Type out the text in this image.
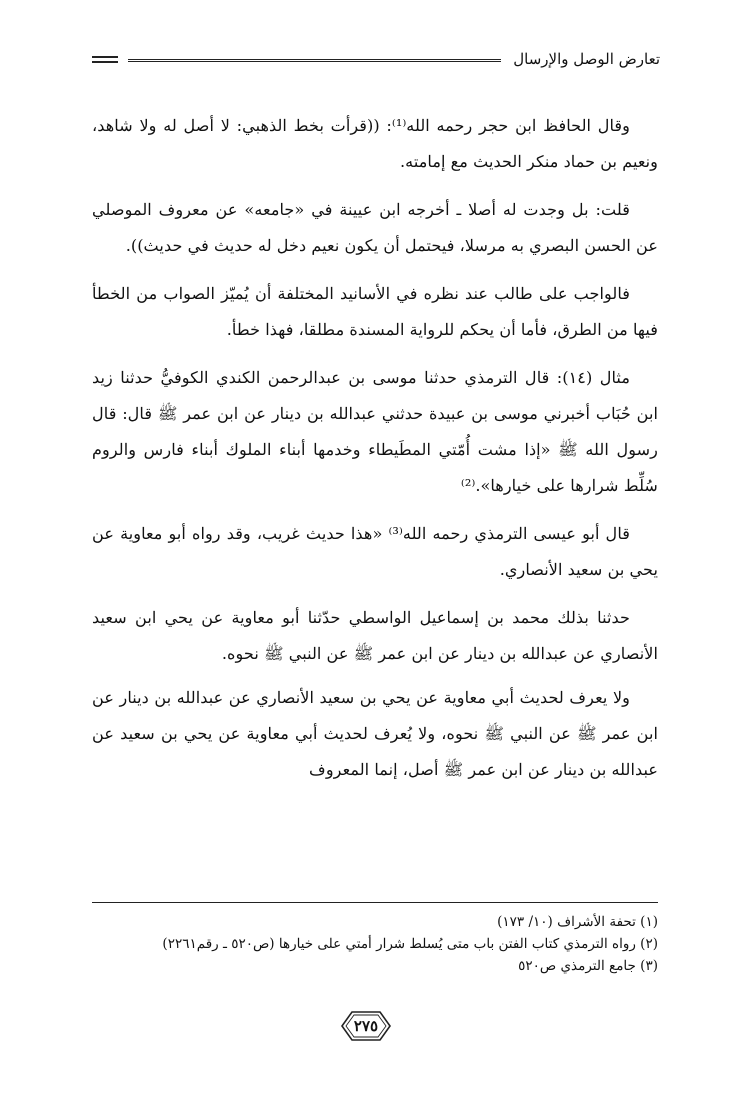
تعارض الوصل والإرسال

وقال الحافظ ابن حجر رحمه الله⁽¹⁾: ((قرأت بخط الذهبي: لا أصل له ولا شاهد، ونعيم بن حماد منكر الحديث مع إمامته.

قلت: بل وجدت له أصلا ـ أخرجه ابن عيينة في «جامعه» عن معروف الموصلي عن الحسن البصري به مرسلا، فيحتمل أن يكون نعيم دخل له حديث في حديث)).

فالواجب على طالب عند نظره في الأسانيد المختلفة أن يُميّز الصواب من الخطأ فيها من الطرق، فأما أن يحكم للرواية المسندة مطلقا، فهذا خطأ.

مثال (١٤): قال الترمذي حدثنا موسى بن عبدالرحمن الكندي الكوفيُّ حدثنا زيد ابن حُبَاب أخبرني موسى بن عبيدة حدثني عبدالله بن دينار عن ابن عمر ﷺ قال: قال رسول الله ﷺ «إذا مشت أُمّتي المطَيطاء وخدمها أبناء الملوك أبناء فارس والروم سُلِّط شرارها على خيارها».⁽²⁾

قال أبو عيسى الترمذي رحمه الله⁽³⁾ «هذا حديث غريب، وقد رواه أبو معاوية عن يحي بن سعيد الأنصاري.

حدثنا بذلك محمد بن إسماعيل الواسطي حدّثنا أبو معاوية عن يحي ابن سعيد الأنصاري عن عبدالله بن دينار عن ابن عمر ﷺ عن النبي ﷺ نحوه.

ولا يعرف لحديث أبي معاوية عن يحي بن سعيد الأنصاري عن عبدالله بن دينار عن ابن عمر ﷺ عن النبي ﷺ نحوه، ولا يُعرف لحديث أبي معاوية عن يحي بن سعيد عن عبدالله بن دينار عن ابن عمر ﷺ أصل، إنما المعروف

(١) تحفة الأشراف (١٠/ ١٧٣)
(٢) رواه الترمذي كتاب الفتن باب متى يُسلط شرار أمتي على خيارها (ص٥٢٠ ـ رقم٢٢٦١)
(٣) جامع الترمذي ص٥٢٠
٢٧٥
